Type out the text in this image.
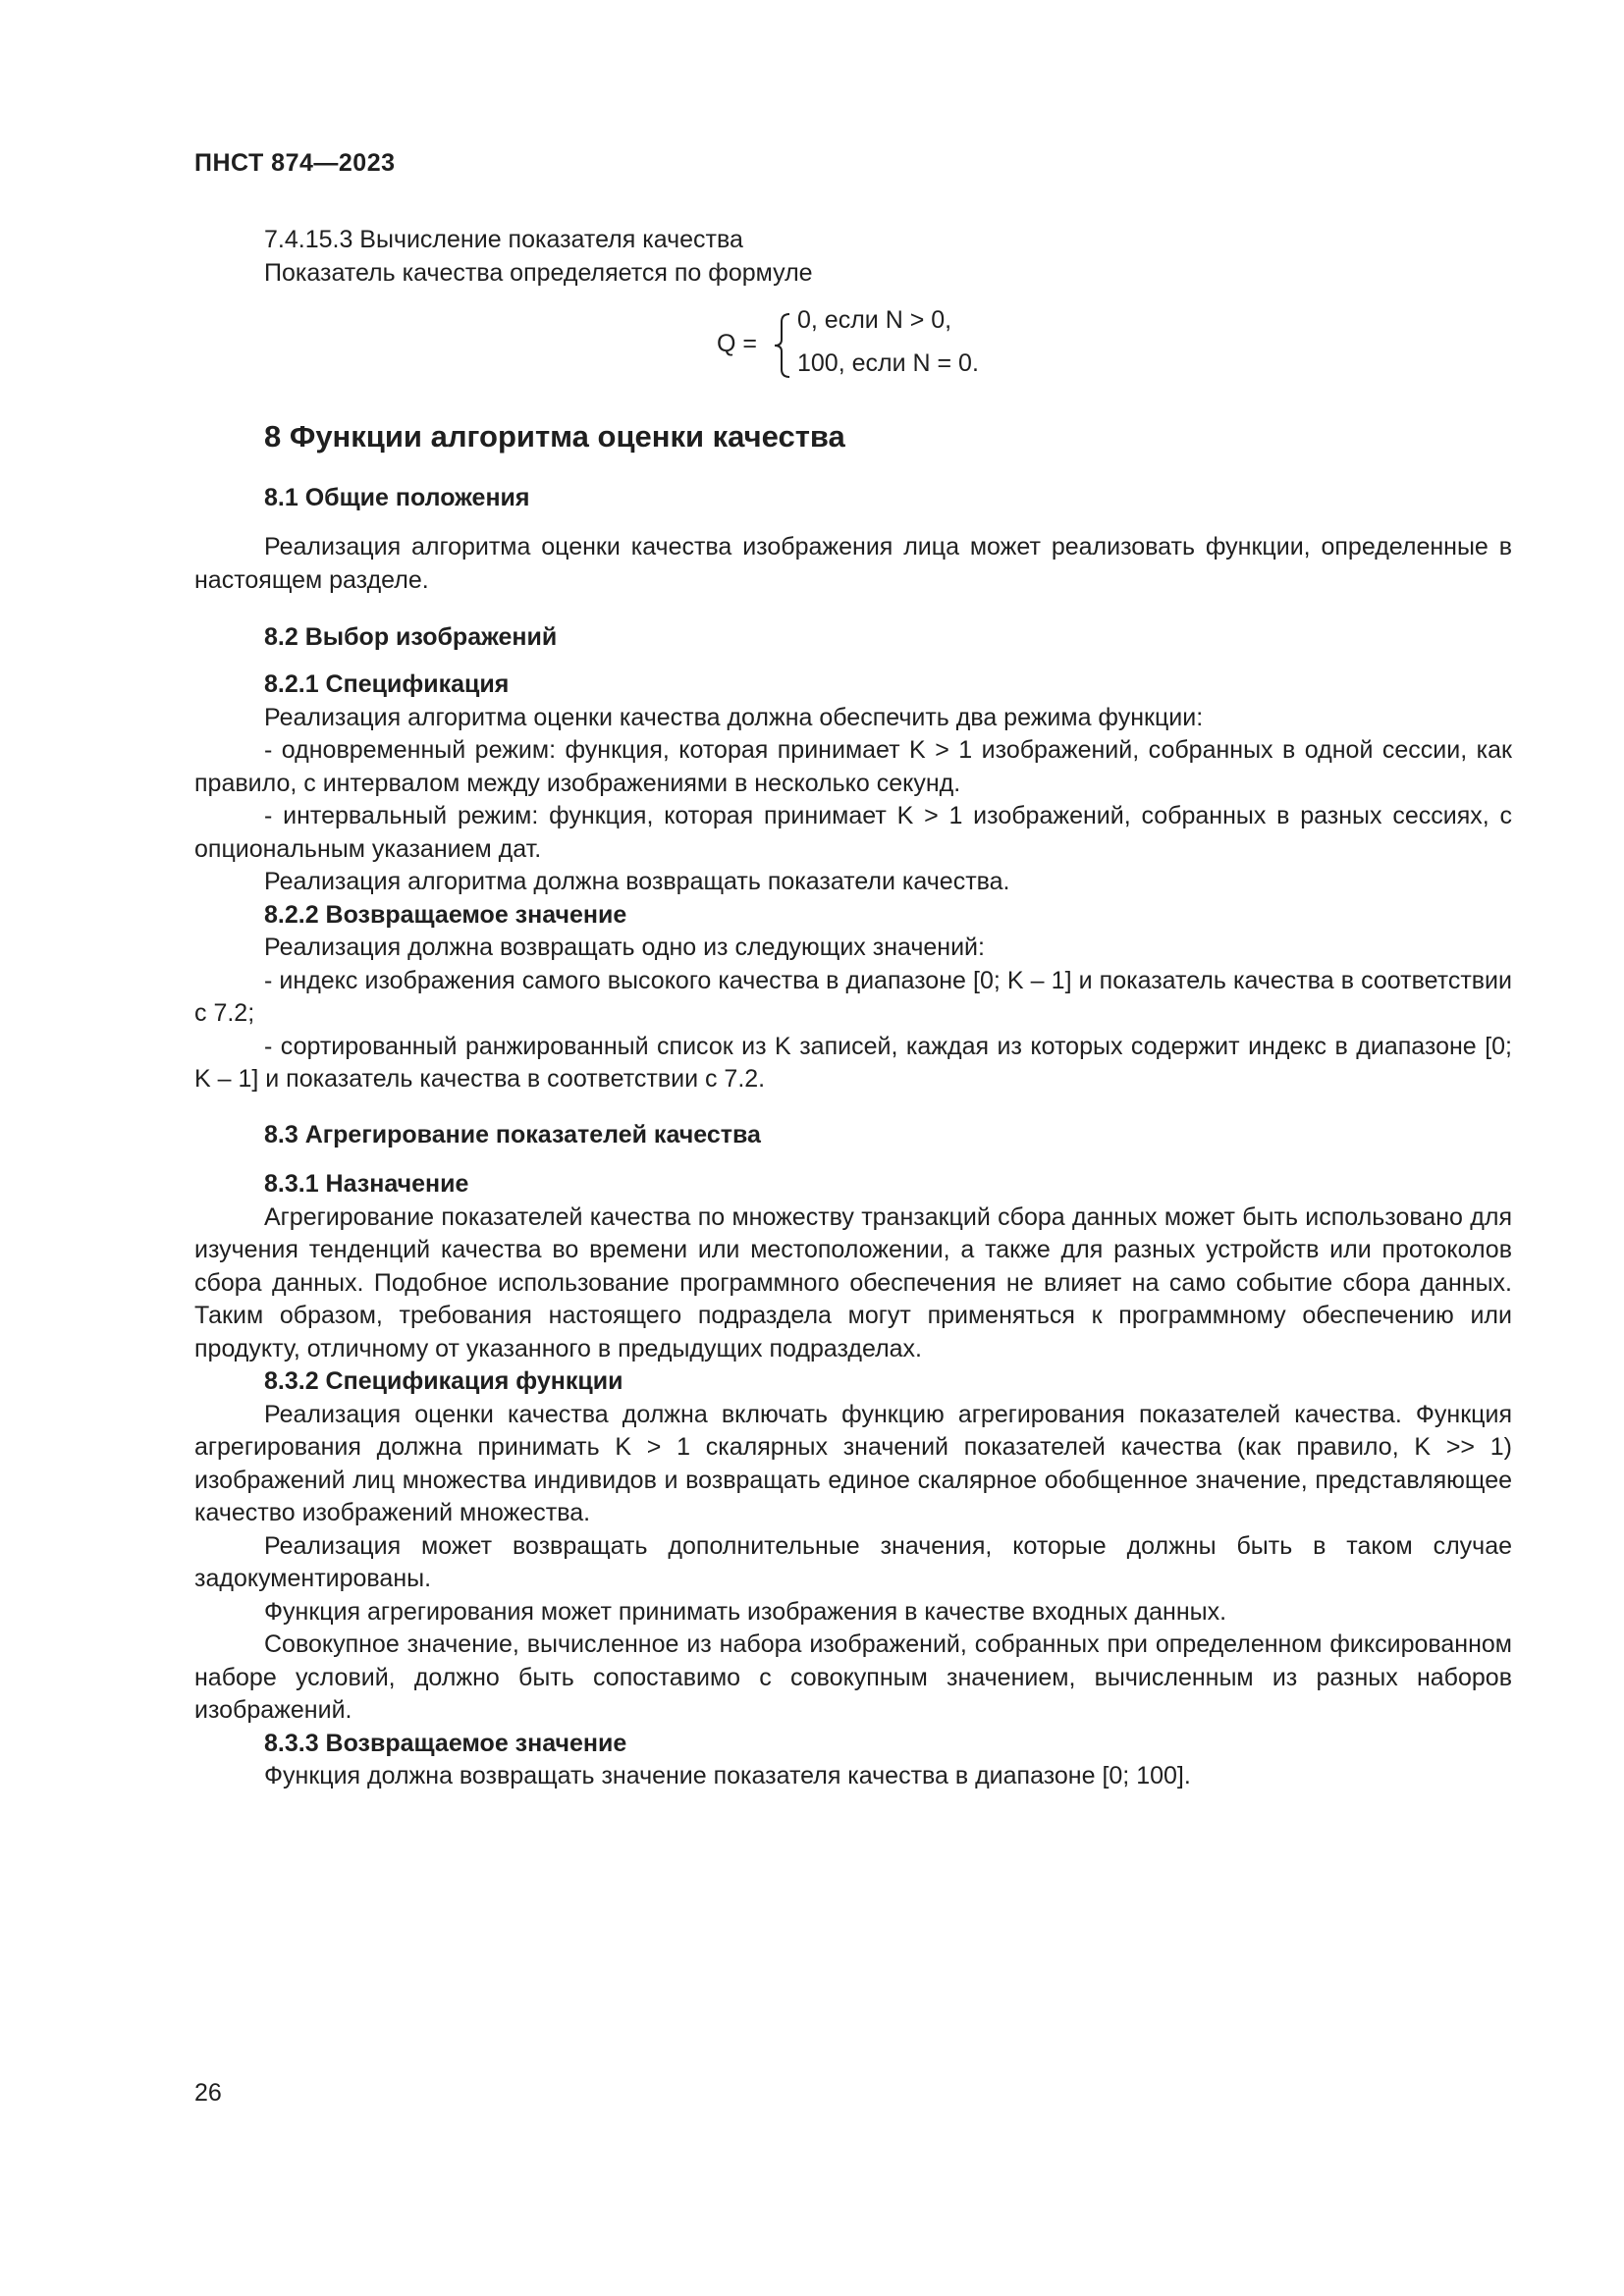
ПНСТ 874—2023

7.4.15.3 Вычисление показателя качества

Показатель качества определяется по формуле

Q =
0, если N > 0,
100, если N = 0.
8 Функции алгоритма оценки качества
8.1 Общие положения

Реализация алгоритма оценки качества изображения лица может реализовать функции, определенные в настоящем разделе.

8.2 Выбор изображений
8.2.1 Спецификация

Реализация алгоритма оценки качества должна обеспечить два режима функции:

- одновременный режим: функция, которая принимает K > 1 изображений, собранных в одной сессии, как правило, с интервалом между изображениями в несколько секунд.

- интервальный режим: функция, которая принимает K > 1 изображений, собранных в разных сессиях, с опциональным указанием дат.

Реализация алгоритма должна возвращать показатели качества.

8.2.2 Возвращаемое значение

Реализация должна возвращать одно из следующих значений:

- индекс изображения самого высокого качества в диапазоне [0; K – 1] и показатель качества в соответствии с 7.2;

- сортированный ранжированный список из K записей, каждая из которых содержит индекс в диапазоне [0; K – 1] и показатель качества в соответствии с 7.2.

8.3 Агрегирование показателей качества
8.3.1 Назначение

Агрегирование показателей качества по множеству транзакций сбора данных может быть использовано для изучения тенденций качества во времени или местоположении, а также для разных устройств или протоколов сбора данных. Подобное использование программного обеспечения не влияет на само событие сбора данных. Таким образом, требования настоящего подраздела могут применяться к программному обеспечению или продукту, отличному от указанного в предыдущих подразделах.

8.3.2 Спецификация функции

Реализация оценки качества должна включать функцию агрегирования показателей качества. Функция агрегирования должна принимать K > 1 скалярных значений показателей качества (как правило, K >> 1) изображений лиц множества индивидов и возвращать единое скалярное обобщенное значение, представляющее качество изображений множества.

Реализация может возвращать дополнительные значения, которые должны быть в таком случае задокументированы.

Функция агрегирования может принимать изображения в качестве входных данных.

Совокупное значение, вычисленное из набора изображений, собранных при определенном фиксированном наборе условий, должно быть сопоставимо с совокупным значением, вычисленным из разных наборов изображений.

8.3.3 Возвращаемое значение

Функция должна возвращать значение показателя качества в диапазоне [0; 100].

26
